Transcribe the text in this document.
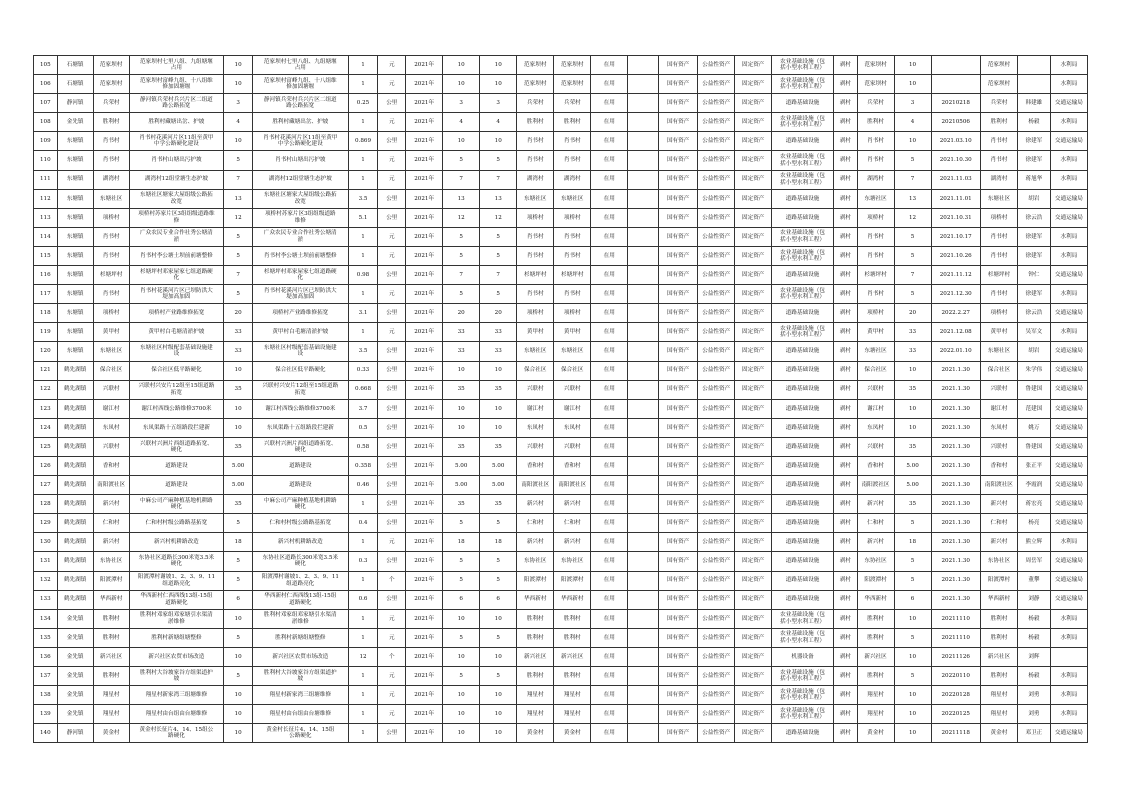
105	石塘镇	范家坝村	范家坝村七里八组、九组塘堰
占用	10	范家坝村七里八组、九组塘堰
占用	1	元	2021年	10	10	范家坝村	范家坝村	在用		国有资产	公益性资产	固定资产	农业基础设施（包
括小型水利工程）	剥村	范家坝村	10		范家坝村		水利局
106	石塘镇	范家坝村	范家坝村富峰九组、十八组维
修加固塘堰	10	范家坝村富峰九组、十八组维
修加固塘堰	1	元	2021年	10	10	范家坝村	范家坝村	在用		国有资产	公益性资产	固定资产	农业基础设施（包
括小型水利工程）	剥村	范家坝村	10		范家坝村		水利局
107	静河镇	兵荣村	静河镇兵荣村兵兴片区二组道
路公路拓宽	3	静河镇兵荣村兵兴片区二组道
路公路拓宽	0.25	公里	2021年	3	3	兵荣村	兵荣村	在用		国有资产	公益性资产	固定资产	道路基础设施	剥村	兵荣村	3	20210218	兵荣村	韩建雄	交通运输局
108	金先镇	胜利村	胜利村藏塘出岔、护坡	4	胜利村藏塘出岔、护坡	1	元	2021年	4	4	胜利村	胜利村	在用		国有资产	公益性资产	固定资产	农业基础设施（包
括小型水利工程）	剥村	胜利村	4	20210506	胜利村	杨毅	水利局
109	东塘镇	肖书村	肖书村花溪河片区11组至黄甲
中学公路硬化建设	10	肖书村花溪河片区11组至黄甲
中学公路硬化建设	0.869	公里	2021年	10	10	肖书村	肖书村	在用		国有资产	公益性资产	固定资产	道路基础设施	剥村	肖书村	10	2021.03.10	肖书村	徐建军	交通运输局
110	东塘镇	肖书村	肖书村山塘出污护坡	5	肖书村山塘出污护坡	1	元	2021年	5	5	肖书村	肖书村	在用		国有资产	公益性资产	固定资产	农业基础设施（包
括小型水利工程）	剥村	肖书村	5	2021.10.30	肖书村	徐建军	水利局
111	东塘镇	湖湾村	湖湾村12组堂塘生态护坡	7	湖湾村12组堂塘生态护坡	1	元	2021年	7	7	湖湾村	湖湾村	在用		国有资产	公益性资产	固定资产	农业基础设施（包
括小型水利工程）	剥村	湖湾村	7	2021.11.03	湖湾村	蒋旭华	水利局
112	东塘镇	东塘社区	东塘社区塘家大屋组级公路拓
改宽	13	东塘社区塘家大屋组级公路拓
改宽	3.5	公里	2021年	13	13	东塘社区	东塘社区	在用		国有资产	公益性资产	固定资产	道路基础设施	剥村	东塘社区	13	2021.11.01	东塘社区	胡岩	交通运输局
113	东塘镇	项桥村	项桥村苏家片区3组组级道路维
修	12	项桥村苏家片区3组组级道路
维修	5.1	公里	2021年	12	12	项桥村	项桥村	在用		国有资产	公益性资产	固定资产	道路基础设施	剥村	项桥村	12	2021.10.31	项桥村	徐云浩	交通运输局
114	东塘镇	肖书村	广众农民专业合作社秀公塘清
淤	5	广众农民专业合作社秀公塘清
淤	1	元	2021年	5	5	肖书村	肖书村	在用		国有资产	公益性资产	固定资产	农业基础设施（包
括小型水利工程）	剥村	肖书村	5	2021.10.17	肖书村	徐建军	水利局
115	东塘镇	肖书村	肖书村李公塘土坝前前塘整修	5	肖书村李公塘土坝前前塘整修	1	元	2021年	5	5	肖书村	肖书村	在用		国有资产	公益性资产	固定资产	农业基础设施（包
括小型水利工程）	剥村	肖书村	5	2021.10.26	肖书村	徐建军	水利局
116	东塘镇	杉塘坪村	杉塘坪村邓家屋家七组道路硬
化	7	杉塘坪村邓家屋家七组道路硬
化	0.98	公里	2021年	7	7	杉塘坪村	杉塘坪村	在用		国有资产	公益性资产	固定资产	道路基础设施	剥村	杉塘坪村	7	2021.11.12	杉塘坪村	钟仁	交通运输局
117	东塘镇	肖书村	肖书村花溪河片区已坝防洪大
堤加高加固	5	肖书村花溪河片区已坝防洪大
堤加高加固	1	元	2021年	5	5	肖书村	肖书村	在用		国有资产	公益性资产	固定资产	农业基础设施（包
括小型水利工程）	剥村	肖书村	5	2021.12.30	肖书村	徐建军	水利局
118	东塘镇	项桥村	项桥村产业路维修拓宽	20	项桥村产业路维修拓宽	3.1	公里	2021年	20	20	项桥村	项桥村	在用		国有资产	公益性资产	固定资产	道路基础设施	剥村	项桥村	20	2022.2.27	项桥村	徐云浩	交通运输局
119	东塘镇	黄甲村	黄甲村白毛塘清淤护坡	33	黄甲村白毛塘清淤护坡	1	元	2021年	33	33	黄甲村	黄甲村	在用		国有资产	公益性资产	固定资产	农业基础设施（包
括小型水利工程）	剥村	黄甲村	33	2021.12.08	黄甲村	吴军文	水利局
120	东塘镇	东塘社区	东塘社区村级配套基础设施建
设	33	东塘社区村级配套基础设施建
设	3.5	公里	2021年	33	33	东塘社区	东塘社区	在用		国有资产	公益性资产	固定资产	道路基础设施	剥村	东塘社区	33	2022.01.10	东塘社区	胡岩	交通运输局
121	鹤先湖镇	保合社区	保合社区低平路硬化	10	保合社区低平路硬化	0.33	公里	2021年	10	10	保合社区	保合社区	在用		国有资产	公益性资产	固定资产	道路基础设施	剥村	保合社区	10	2021.1.30	保合社区	朱学伟	交通运输局
122	鹤先湖镇	兴联村	兴联村兴安片12组至15组道路
拓宽	35	兴联村兴安片12组至15组道路
拓宽	0.668	公里	2021年	35	35	兴联村	兴联村	在用		国有资产	公益性资产	固定资产	道路基础设施	剥村	兴联村	35	2021.1.30	兴联村	鲁建国	交通运输局
123	鹤先湖镇	谢江村	谢江村西线公路维修3700米	10	谢江村西线公路维修3700米	3.7	公里	2021年	10	10	谢江村	谢江村	在用		国有资产	公益性资产	固定资产	道路基础设施	剥村	谢江村	10	2021.1.30	谢江村	范建国	交通运输局
124	鹤先湖镇	东凤村	东凤渠路十五组路段拦建新	10	东凤渠路十五组路段拦建新	0.5	公里	2021年	10	10	东凤村	东凤村	在用		国有资产	公益性资产	固定资产	道路基础设施	剥村	东凤村	10	2021.1.30	东凤村	姚万	交通运输局
125	鹤先湖镇	兴联村	兴联村兴洲片西组道路拓宽、
硬化	35	兴联村兴洲片西组道路拓宽、
硬化	0.58	公里	2021年	35	35	兴联村	兴联村	在用		国有资产	公益性资产	固定资产	道路基础设施	剥村	兴联村	35	2021.1.30	兴联村	鲁建国	交通运输局
126	鹤先湖镇	香和村	道路建设	5.00	道路建设	0.358	公里	2021年	5.00	5.00	香和村	香和村	在用		国有资产	公益性资产	固定资产	道路基础设施	剥村	香和村	5.00	2021.1.30	香和村	张正平	交通运输局
127	鹤先湖镇	南阳渡社区	道路建设	5.00	道路建设	0.46	公里	2021年	5.00	5.00	南阳渡社区	南阳渡社区	在用		国有资产	公益性资产	固定资产	道路基础设施	剥村	南阳渡社区	5.00	2021.1.30	南阳渡社区	李霞润	交通运输局
128	鹤先湖镇	新兴村	中麻公司产麻种植基地机耕路
硬化	35	中麻公司产麻种植基地机耕路
硬化	1	公里	2021年	35	35	新兴村	新兴村	在用		国有资产	公益性资产	固定资产	道路基础设施	剥村	新兴村	35	2021.1.30	新兴村	蒋宏亮	交通运输局
129	鹤先湖镇	仁和村	仁和村村级公路路基拓宽	5	仁和村村级公路路基拓宽	0.4	公里	2021年	5	5	仁和村	仁和村	在用		国有资产	公益性资产	固定资产	道路基础设施	剥村	仁和村	5	2021.1.30	仁和村	杨亮	交通运输局
130	鹤先湖镇	新兴村	新兴村机耕路改造	18	新兴村机耕路改造	1	元	2021年	18	18	新兴村	新兴村	在用		国有资产	公益性资产	固定资产	道路基础设施	剥村	新兴村	18	2021.1.30	新兴村	熊立辉	水利局
131	鹤先湖镇	东协社区	东协社区道路长300米宽3.5米
硬化	5	东协社区道路长300米宽3.5米
硬化	0.3	公里	2021年	5	5	东协社区	东协社区	在用		国有资产	公益性资产	固定资产	道路基础设施	剥村	东协社区	5	2021.1.30	东协社区	周岳军	交通运输局
132	鹤先湖镇	阳渡潭村	阳渡潭村谢坡1、2、3、9、11
组道路亮化	5	阳渡潭村谢坡1、2、3、9、11
组道路亮化	1	个	2021年	5	5	阳渡潭村	阳渡潭村	在用		国有资产	公益性资产	固定资产	道路基础设施	剥村	阳渡潭村	5	2021.1.30	阳渡潭村	董攀	交通运输局
133	鹤先湖镇	华西新村	华西新村仁西西线13组-15组
道路硬化	6	华西新村仁西西线13组-15组
道路硬化	0.6	公里	2021年	6	6	华西新村	华西新村	在用		国有资产	公益性资产	固定资产	道路基础设施	剥村	华西新村	6	2021.1.30	华西新村	刘静	交通运输局
134	金先镇	胜利村	胜利村邓家组邓家塘引水渠清
淤维修	10	胜利村邓家组邓家塘引水渠清
淤维修	1	元	2021年	10	10	胜利村	胜利村	在用		国有资产	公益性资产	固定资产	农业基础设施（包
括小型水利工程）	剥村	胜利村	10	20211110	胜利村	杨毅	水利局
135	金先镇	胜利村	胜利村新塘组塘整修	5	胜利村新塘组塘整修	1	元	2021年	5	5	胜利村	胜利村	在用		国有资产	公益性资产	固定资产	农业基础设施（包
括小型水利工程）	剥村	胜利村	5	20211110	胜利村	杨毅	水利局
136	金先镇	新兴社区	新兴社区农贸市场改造	10	新兴社区农贸市场改造	12	个	2021年	10	10	新兴社区	新兴社区	在用		国有资产	公益性资产	固定资产	机器设备	剥村	新兴社区	10	20211126	新兴社区	刘辉	
137	金先镇	胜利村	胜利村大谷坡家谷方组渠道护
坡	5	胜利村大谷坡家谷方组渠道护
坡	1	元	2021年	5	5	胜利村	胜利村	在用		国有资产	公益性资产	固定资产	农业基础设施（包
括小型水利工程）	剥村	胜利村	5	20220110	胜利村	杨毅	水利局
138	金先镇	翔星村	翔星村新家湾三组塘维修	10	翔星村新家湾三组塘维修	1	元	2021年	10	10	翔星村	翔星村	在用		国有资产	公益性资产	固定资产	农业基础设施（包
括小型水利工程）	剥村	翔星村	10	20220128	翔星村	刘勇	水利局
139	金先镇	翔星村	翔星村由台组由台塘维修	10	翔星村由台组由台塘维修	1	元	2021年	10	10	翔星村	翔星村	在用		国有资产	公益性资产	固定资产	农业基础设施（包
括小型水利工程）	剥村	翔星村	10	20220125	翔星村	刘勇	水利局
140	静河镇	黄金村	黄金村长征片4、14、15组公
路硬化	10	黄金村长征片4、14、15组
公路硬化	1	公里	2021年	10	10	黄金村	黄金村	在用		国有资产	公益性资产	固定资产	道路基础设施	剥村	黄金村	10	20211118	黄金村	邓卫正	交通运输局
